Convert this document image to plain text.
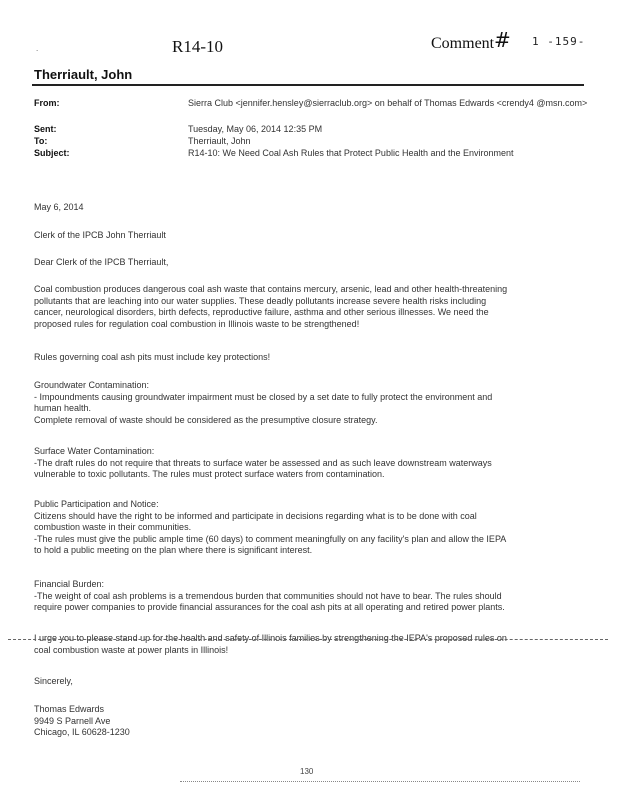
.	R14-10	Comment # 1 -159-
Therriault, John
From:	Sierra Club <jennifer.hensley@sierraclub.org> on behalf of Thomas Edwards <crendy4 @msn.com>
Sent:	Tuesday, May 06, 2014 12:35 PM
To:	Therriault, John
Subject:	R14-10: We Need Coal Ash Rules that Protect Public Health and the Environment
May 6, 2014
Clerk of the IPCB John Therriault
Dear Clerk of the IPCB Therriault,
Coal combustion produces dangerous coal ash waste that contains mercury, arsenic, lead and other health-threatening
pollutants that are leaching into our water supplies. These deadly pollutants increase severe health risks including
cancer, neurological disorders, birth defects, reproductive failure, asthma and other serious illnesses. We need the
proposed rules for regulation coal combustion in Illinois waste to be strengthened!
Rules governing coal ash pits must include key protections!
Groundwater Contamination:
- Impoundments causing groundwater impairment must be closed by a set date to fully protect the environment and
human health.
Complete removal of waste should be considered as the presumptive closure strategy.
Surface Water Contamination:
-The draft rules do not require that threats to surface water be assessed and as such leave downstream waterways
vulnerable to toxic pollutants. The rules must protect surface waters from contamination.
Public Participation and Notice:
Citizens should have the right to be informed and participate in decisions regarding what is to be done with coal
combustion waste in their communities.
-The rules must give the public ample time (60 days) to comment meaningfully on any facility's plan and allow the IEPA
to hold a public meeting on the plan where there is significant interest.
Financial Burden:
-The weight of coal ash problems is a tremendous burden that communities should not have to bear. The rules should
require power companies to provide financial assurances for the coal ash pits at all operating and retired power plants.
I urge you to please stand up for the health and safety of Illinois families by strengthening the IEPA's proposed rules on
coal combustion waste at power plants in Illinois!
Sincerely,
Thomas Edwards
9949 S Parnell Ave
Chicago, IL 60628-1230
130
